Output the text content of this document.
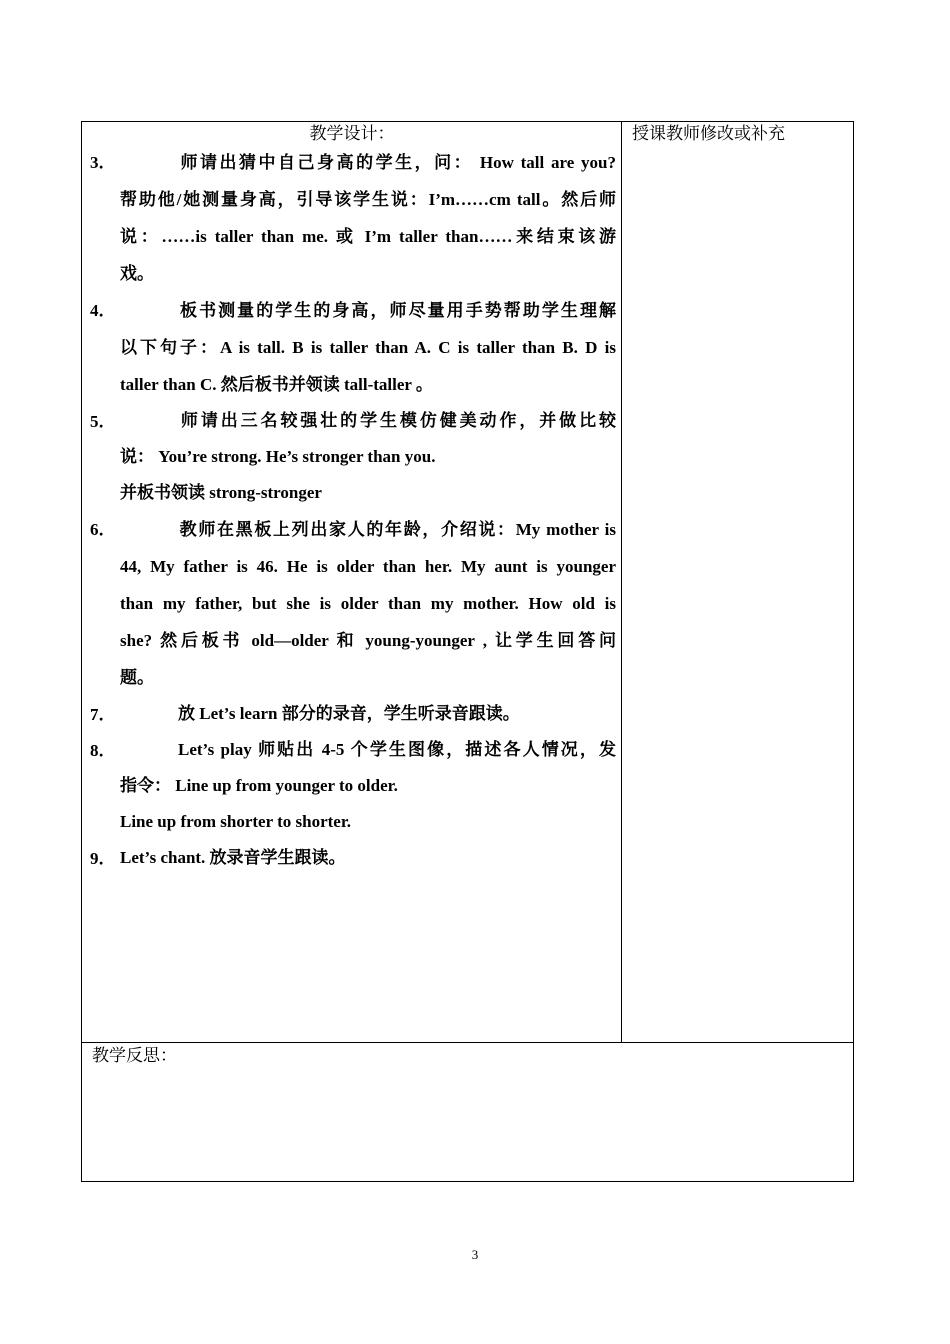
教学设计：
3．	师请出猜中自己身高的学生，问： How tall are you?
帮助他/她测量身高，引导该学生说：I’m……cm tall。然后师
说：……is taller than me. 或 I’m taller than……来结束该游
戏。
4．	板书测量的学生的身高，师尽量用手势帮助学生理解
以下句子：A is tall. B is taller than A. C is taller than B. D is
taller than C. 然后板书并领读 tall-taller 。
5．	师请出三名较强壮的学生模仿健美动作，并做比较
说： You’re strong. He’s stronger than you.
并板书领读 strong-stronger
6．	教师在黑板上列出家人的年龄，介绍说：My mother is
44, My father is 46. He is older than her. My aunt is younger
than my father, but she is older than my mother. How old is
she? 然后板书 old—older 和 young-younger , 让学生回答问
题。
7．	放 Let’s learn 部分的录音，学生听录音跟读。
8．	Let’s play 师贴出 4-5 个学生图像，描述各人情况，发
指令： Line up from younger to older.
Line up from shorter to shorter.
9． Let’s chant. 放录音学生跟读。
授课教师修改或补充
教学反思：
3
